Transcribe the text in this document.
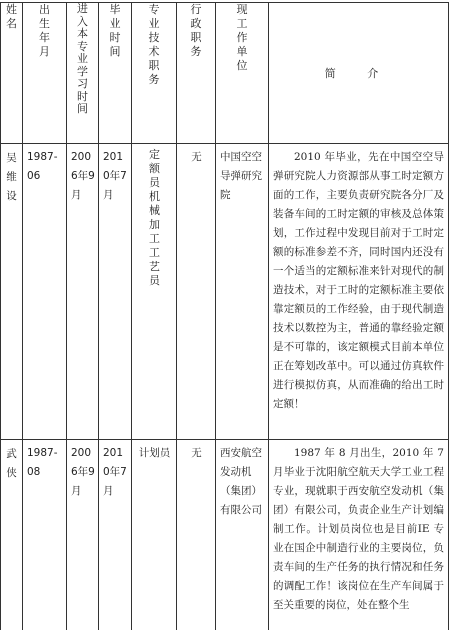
姓名	出生年月	进入本专业学习时间	毕业时间	专业技术职务	行政职务	现工作单位	简 介

吴维设	1987-06	2006年9月	2010年7月	定额员机械加工工艺员	无	中国空空导弹研究院	2010 年毕业，先在中国空空导弹研究院人力资源部从事工时定额方面的工作，主要负责研究院各分厂及装备车间的工时定额的审核及总体策划，工作过程中发现目前对于工时定额的标准参差不齐，同时国内还没有一个适当的定额标准来针对现代的制造技术，对于工时的定额标准主要依靠定额员的工作经验，由于现代制造技术以数控为主，普通的靠经验定额是不可靠的，该定额模式目前本单位正在筹划改革中。可以通过仿真软件进行模拟仿真，从而准确的给出工时定额！

武侠	1987-08	2006年9月	2010年7月	计划员	无	西安航空发动机（集团）有限公司	1987 年 8 月出生，2010 年 7 月毕业于沈阳航空航天大学工业工程专业，现就职于西安航空发动机（集团）有限公司，负责企业生产计划编制工作。计划员岗位也是目前IE 专业在国企中制造行业的主要岗位，负责车间的生产任务的执行情况和任务的调配工作！该岗位在生产车间属于至关重要的岗位，处在整个生
